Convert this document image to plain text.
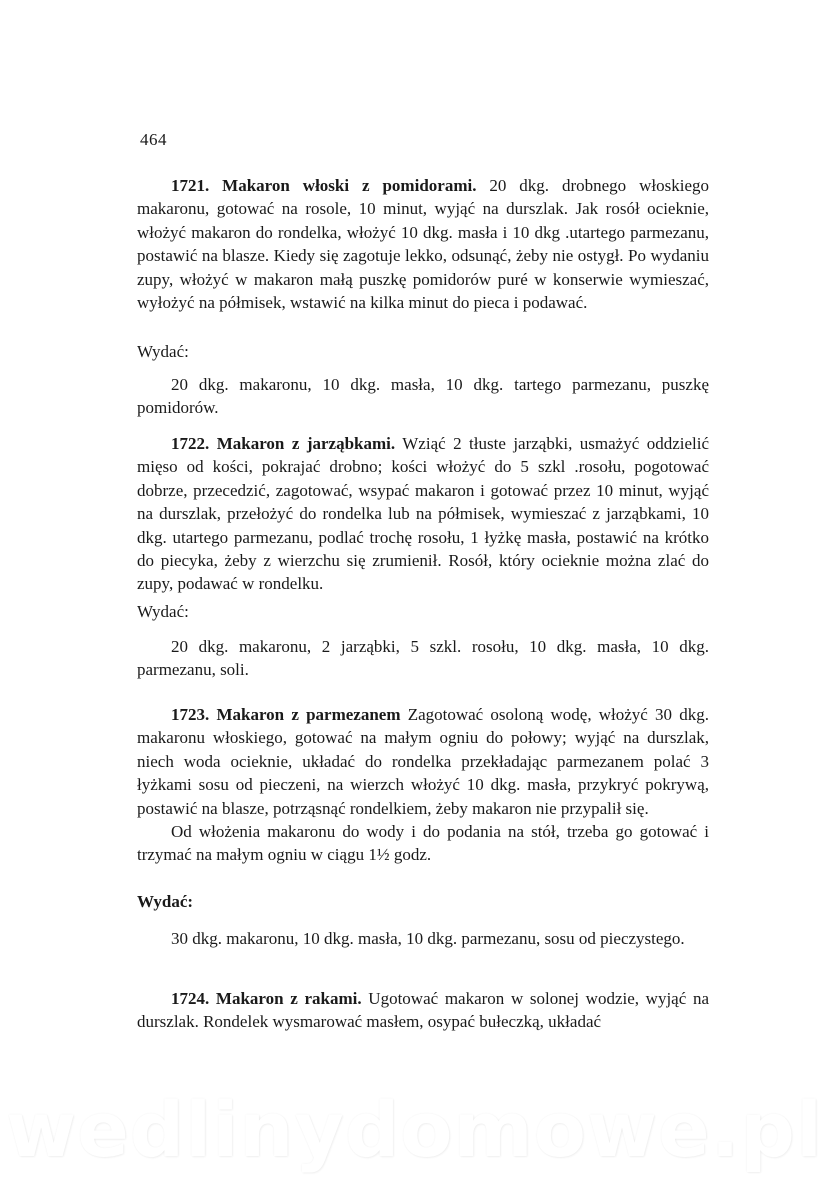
464

1721. Makaron włoski z pomidorami. 20 dkg. drobnego włoskiego makaronu, gotować na rosole, 10 minut, wyjąć na durszlak. Jak rosół ocieknie, włożyć makaron do rondelka, włożyć 10 dkg. masła i 10 dkg .utartego parmezanu, postawić na blasze. Kiedy się zagotuje lekko, odsunąć, żeby nie ostygł. Po wydaniu zupy, włożyć w makaron małą puszkę pomidorów puré w konserwie wymieszać, wyłożyć na półmisek, wstawić na kilka minut do pieca i podawać.

Wydać:

20 dkg. makaronu, 10 dkg. masła, 10 dkg. tartego parmezanu, puszkę pomidorów.

1722. Makaron z jarząbkami. Wziąć 2 tłuste jarząbki, usmażyć oddzielić mięso od kości, pokrajać drobno; kości włożyć do 5 szkl .rosołu, pogotować dobrze, przecedzić, zagotować, wsypać makaron i gotować przez 10 minut, wyjąć na durszlak, przełożyć do rondelka lub na półmisek, wymieszać z jarząbkami, 10 dkg. utartego parmezanu, podlać trochę rosołu, 1 łyżkę masła, postawić na krótko do piecyka, żeby z wierzchu się zrumienił. Rosół, który ocieknie można zlać do zupy, podawać w rondelku.

Wydać:

20 dkg. makaronu, 2 jarząbki, 5 szkl. rosołu, 10 dkg. masła, 10 dkg. parmezanu, soli.

1723. Makaron z parmezanem Zagotować osoloną wodę, włożyć 30 dkg. makaronu włoskiego, gotować na małym ogniu do połowy; wyjąć na durszlak, niech woda ocieknie, układać do rondelka przekładając parmezanem polać 3 łyżkami sosu od pieczeni, na wierzch włożyć 10 dkg. masła, przykryć pokrywą, postawić na blasze, potrząsnąć rondelkiem, żeby makaron nie przypalił się.

Od włożenia makaronu do wody i do podania na stół, trzeba go gotować i trzymać na małym ogniu w ciągu 1½ godz.

Wydać:

30 dkg. makaronu, 10 dkg. masła, 10 dkg. parmezanu, sosu od pieczystego.

1724. Makaron z rakami. Ugotować makaron w solonej wodzie, wyjąć na durszlak. Rondelek wysmarować masłem, osypać bułeczką, układać

wedlinydomowe.pl
